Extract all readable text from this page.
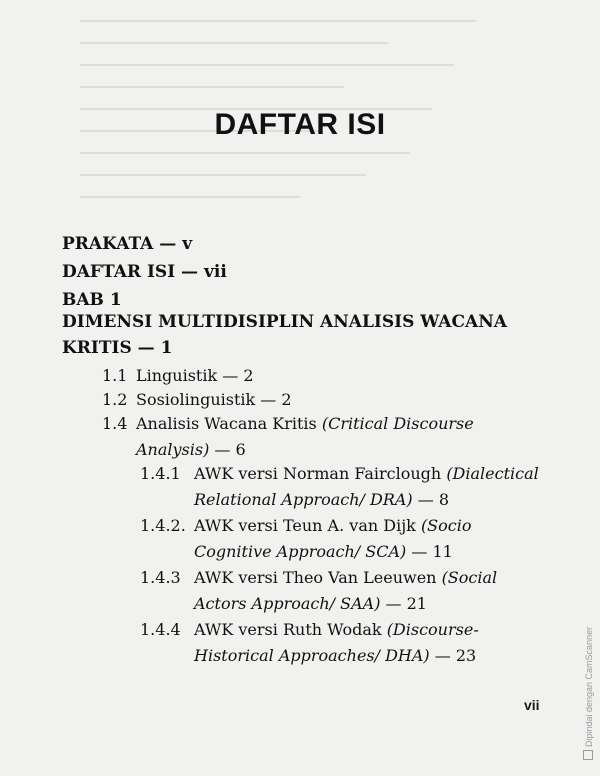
DAFTAR ISI
PRAKATA — v
DAFTAR ISI — vii
BAB 1
DIMENSI MULTIDISIPLIN ANALISIS WACANA
KRITIS — 1
1.1 Linguistik — 2
1.2 Sosiolinguistik — 2
1.4 Analisis Wacana Kritis (Critical Discourse
Analysis) — 6
1.4.1 AWK versi Norman Fairclough (Dialectical
Relational Approach/ DRA) — 8
1.4.2. AWK versi Teun A. van Dijk (Socio
Cognitive Approach/ SCA) — 11
1.4.3 AWK versi Theo Van Leeuwen (Social
Actors Approach/ SAA) — 21
1.4.4 AWK versi Ruth Wodak (Discourse-
Historical Approaches/ DHA) — 23
vii	Dipindai dengan CamScanner
